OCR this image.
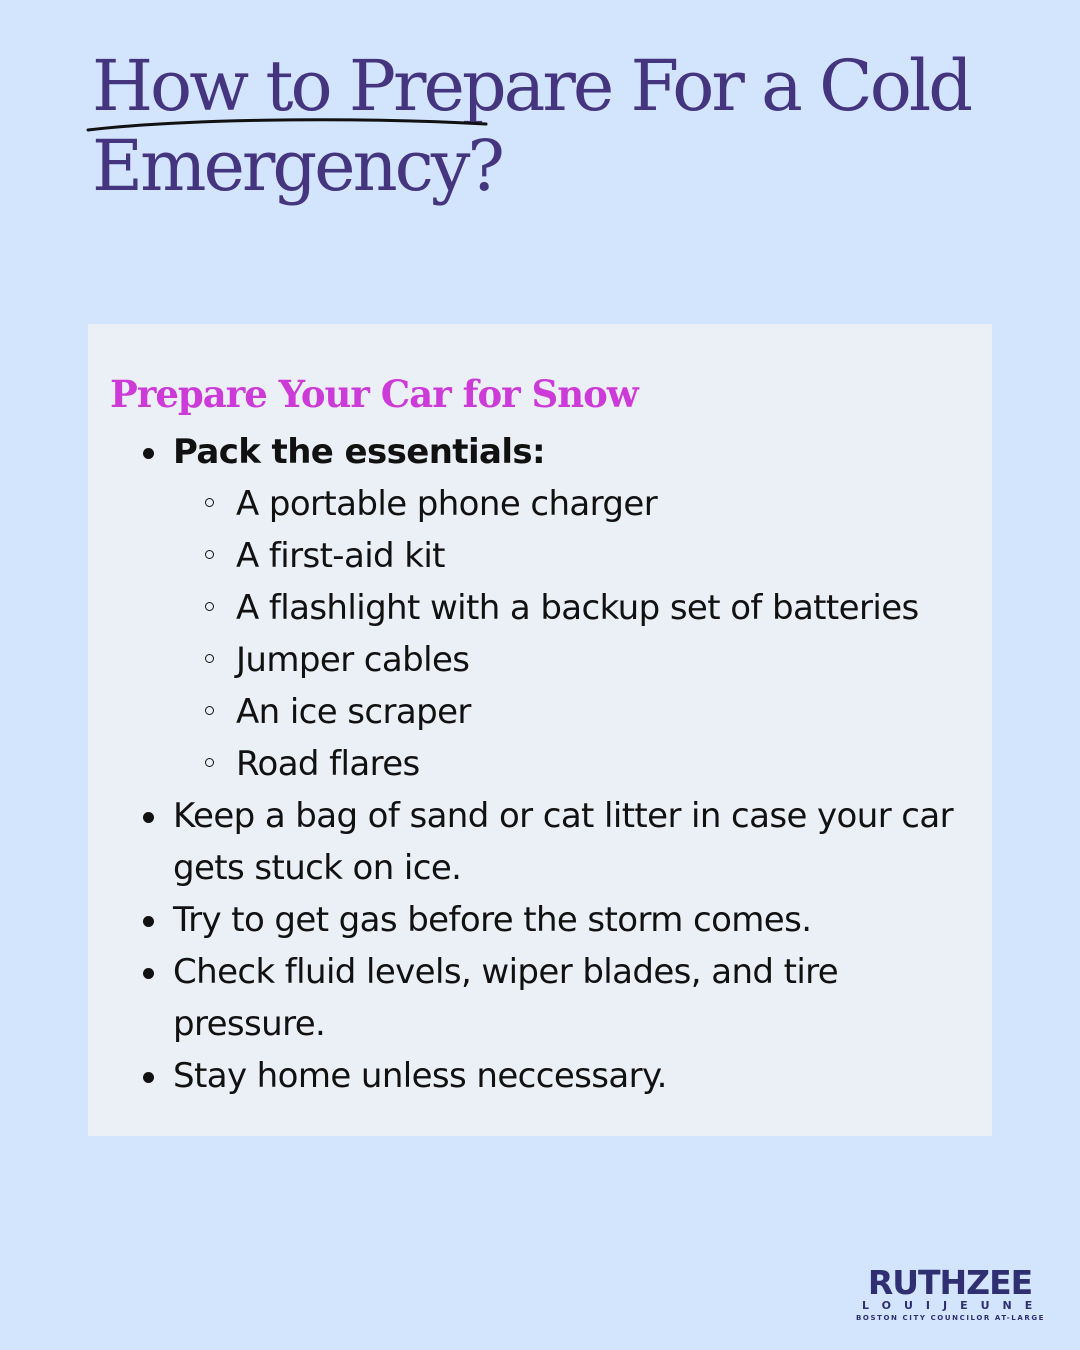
How to Prepare For a Cold Emergency?
Prepare Your Car for Snow
Pack the essentials:
A portable phone charger
A first-aid kit
A flashlight with a backup set of batteries
Jumper cables
An ice scraper
Road flares
Keep a bag of sand or cat litter in case your car gets stuck on ice.
Try to get gas before the storm comes.
Check fluid levels, wiper blades, and tire pressure.
Stay home unless neccessary.
RUTHZEE
LOUIJEUNE
BOSTON CITY COUNCILOR AT-LARGE
